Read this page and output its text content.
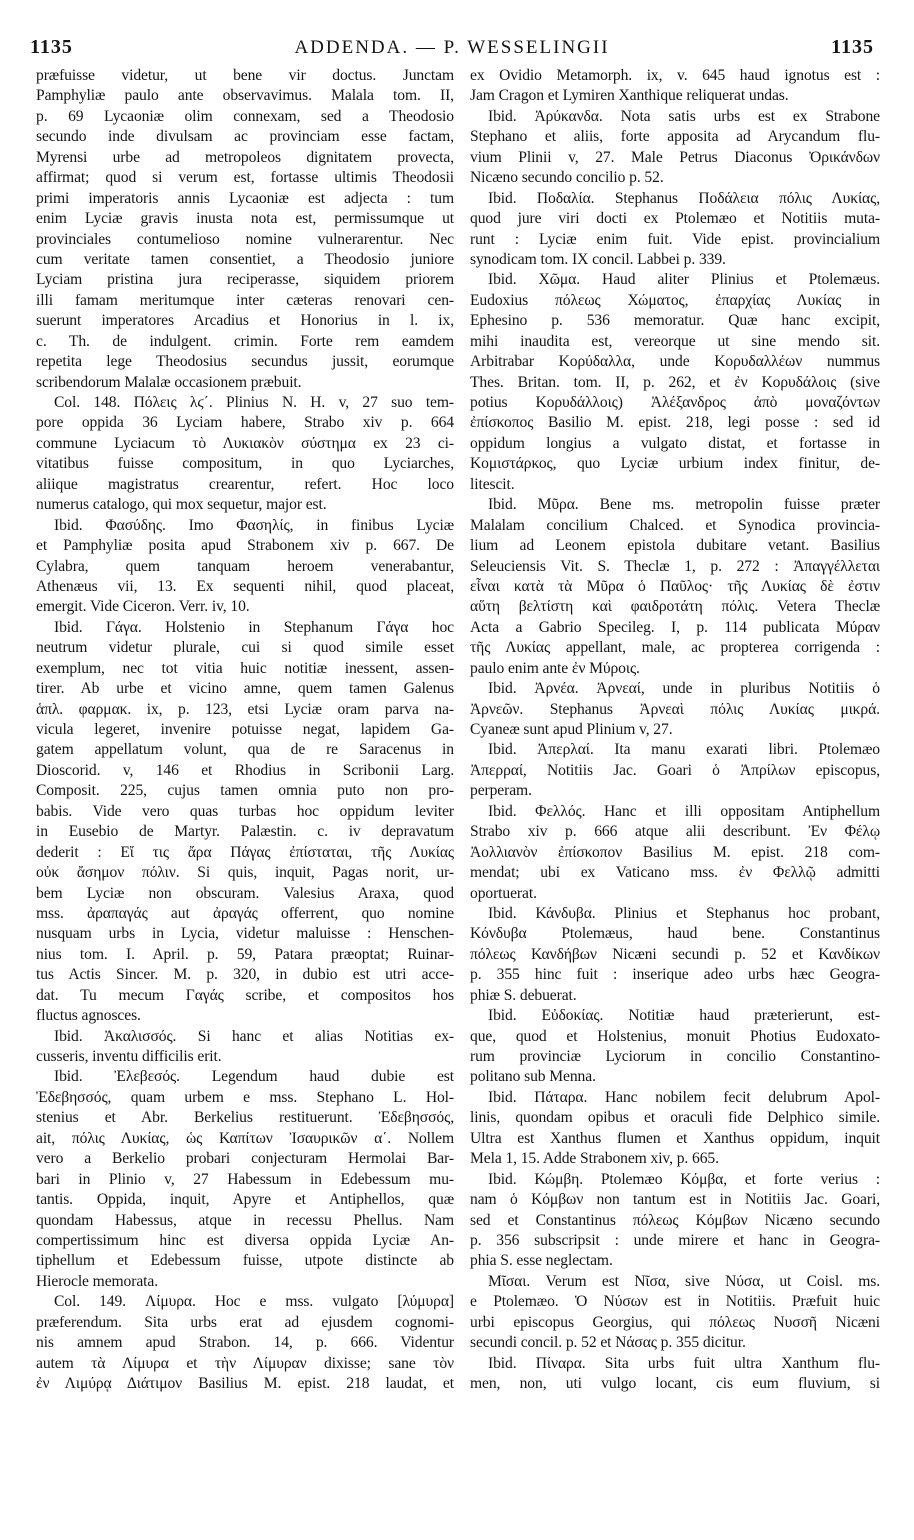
1135	ADDENDA. — P. WESSELINGII	1135

præfuisse videtur, ut bene vir doctus. Junctam

Pamphyliæ paulo ante observavimus. Malala tom. II,

p. 69 Lycaoniæ olim connexam, sed a Theodosio

secundo inde divulsam ac provinciam esse factam,

Myrensi urbe ad metropoleos dignitatem provecta,

affirmat; quod si verum est, fortasse ultimis Theodosii

primi imperatoris annis Lycaoniæ est adjecta : tum

enim Lyciæ gravis inusta nota est, permissumque ut

provinciales contumelioso nomine vulnerarentur. Nec

cum veritate tamen consentiet, a Theodosio juniore

Lyciam pristina jura reciperasse, siquidem priorem

illi famam meritumque inter cæteras renovari cen-

suerunt imperatores Arcadius et Honorius in l. ix,

c. Th. de indulgent. crimin. Forte rem eamdem

repetita lege Theodosius secundus jussit, eorumque

scribendorum Malalæ occasionem præbuit.

Col. 148. Πόλεις λϛ΄. Plinius N. H. v, 27 suo tem-

pore oppida 36 Lyciam habere, Strabo xiv p. 664

commune Lyciacum τὸ Λυκιακὸν σύστημα ex 23 ci-

vitatibus fuisse compositum, in quo Lyciarches,

aliique magistratus crearentur, refert. Hoc loco

numerus catalogo, qui mox sequetur, major est.

Ibid. Φασύδης. Imo Φασηλίς, in finibus Lyciæ

et Pamphyliæ posita apud Strabonem xiv p. 667. De

Cylabra, quem tanquam heroem venerabantur,

Athenæus vii, 13. Ex sequenti nihil, quod placeat,

emergit. Vide Ciceron. Verr. iv, 10.

Ibid. Γάγα. Holstenio in Stephanum Γάγα hoc

neutrum videtur plurale, cui si quod simile esset

exemplum, nec tot vitia huic notitiæ inessent, assen-

tirer. Ab urbe et vicino amne, quem tamen Galenus

ἁπλ. φαρμακ. ix, p. 123, etsi Lyciæ oram parva na-

vicula legeret, invenire potuisse negat, lapidem Ga-

gatem appellatum volunt, qua de re Saracenus in

Dioscorid. v, 146 et Rhodius in Scribonii Larg.

Composit. 225, cujus tamen omnia puto non pro-

babis. Vide vero quas turbas hoc oppidum leviter

in Eusebio de Martyr. Palæstin. c. iv depravatum

dederit : Εἴ τις ἄρα Πάγας ἐπίσταται, τῆς Λυκίας

οὐκ ἄσημον πόλιν. Si quis, inquit, Pagas norit, ur-

bem Lyciæ non obscuram. Valesius Araxa, quod

mss. ἀραπαγάς aut ἀραγάς offerrent, quo nomine

nusquam urbs in Lycia, videtur maluisse : Henschen-

nius tom. I. April. p. 59, Patara præoptat; Ruinar-

tus Actis Sincer. M. p. 320, in dubio est utri acce-

dat. Tu mecum Γαγάς scribe, et compositos hos

fluctus agnosces.

Ibid. Ἀκαλισσός. Si hanc et alias Notitias ex-

cusseris, inventu difficilis erit.

Ibid. Ἐλεβεσός. Legendum haud dubie est

Ἐδεβησσός, quam urbem e mss. Stephano L. Hol-

stenius et Abr. Berkelius restituerunt. Ἐδεβησσός,

ait, πόλις Λυκίας, ὡς Καπίτων Ἰσαυρικῶν α΄. Nollem

vero a Berkelio probari conjecturam Hermolai Bar-

bari in Plinio v, 27 Habessum in Edebessum mu-

tantis. Oppida, inquit, Apyre et Antiphellos, quæ

quondam Habessus, atque in recessu Phellus. Nam

compertissimum hinc est diversa oppida Lyciæ An-

tiphellum et Edebessum fuisse, utpote distincte ab

Hierocle memorata.

Col. 149. Λίμυρα. Hoc e mss. vulgato [λύμυρα]

præferendum. Sita urbs erat ad ejusdem cognomi-

nis amnem apud Strabon. 14, p. 666. Videntur

autem τὰ Λίμυρα et τὴν Λίμυραν dixisse; sane τὸν

ἐν Λιμύρᾳ Διάτιμον Basilius M. epist. 218 laudat, et

ex Ovidio Metamorph. ix, v. 645 haud ignotus est :

Jam Cragon et Lymiren Xanthique reliquerat undas.

Ibid. Ἀρύκανδα. Nota satis urbs est ex Strabone

Stephano et aliis, forte apposita ad Arycandum flu-

vium Plinii v, 27. Male Petrus Diaconus Ὀρικάνδων

Nicæno secundo concilio p. 52.

Ibid. Ποδαλία. Stephanus Ποδάλεια πόλις Λυκίας,

quod jure viri docti ex Ptolemæo et Notitiis muta-

runt : Lyciæ enim fuit. Vide epist. provincialium

synodicam tom. IX concil. Labbei p. 339.

Ibid. Χῶμα. Haud aliter Plinius et Ptolemæus.

Eudoxius πόλεως Χώματος, ἐπαρχίας Λυκίας in

Ephesino p. 536 memoratur. Quæ hanc excipit,

mihi inaudita est, vereorque ut sine mendo sit.

Arbitrabar Κορύδαλλα, unde Κορυδαλλέων nummus

Thes. Britan. tom. II, p. 262, et ἐν Κορυδάλοις (sive

potius Κορυδάλλοις) Ἀλέξανδρος ἀπὸ μοναζόντων

ἐπίσκοπος Basilio M. epist. 218, legi posse : sed id

oppidum longius a vulgato distat, et fortasse in

Κομιστάρκος, quo Lyciæ urbium index finitur, de-

litescit.

Ibid. Μῦρα. Bene ms. metropolin fuisse præter

Malalam concilium Chalced. et Synodica provincia-

lium ad Leonem epistola dubitare vetant. Basilius

Seleuciensis Vit. S. Theclæ 1, p. 272 : Ἀπαγγέλλεται

εἶναι κατὰ τὰ Μῦρα ὁ Παῦλος· τῆς Λυκίας δὲ ἐστιν

αὕτη βελτίστη καὶ φαιδροτάτη πόλις. Vetera Theclæ

Acta a Gabrio Specileg. I, p. 114 publicata Μύραν

τῆς Λυκίας appellant, male, ac propterea corrigenda :

paulo enim ante ἐν Μύροις.

Ibid. Ἀρνέα. Ἀρνεαί, unde in pluribus Notitiis ὁ

Ἀρνεῶν. Stephanus Ἀρνεαὶ πόλις Λυκίας μικρά.

Cyaneæ sunt apud Plinium v, 27.

Ibid. Ἀπερλαί. Ita manu exarati libri. Ptolemæo

Ἀπερραί, Notitiis Jac. Goari ὁ Ἀπρίλων episcopus,

perperam.

Ibid. Φελλός. Hanc et illi oppositam Antiphellum

Strabo xiv p. 666 atque alii describunt. Ἐν Φέλῳ

Ἀολλιανὸν ἐπίσκοπον Basilius M. epist. 218 com-

mendat; ubi ex Vaticano mss. ἐν Φελλῷ admitti

oportuerat.

Ibid. Κάνδυβα. Plinius et Stephanus hoc probant,

Κόνδυβα Ptolemæus, haud bene. Constantinus

πόλεως Κανδήβων Nicæni secundi p. 52 et Κανδίκων

p. 355 hinc fuit : inserique adeo urbs hæc Geogra-

phiæ S. debuerat.

Ibid. Εὐδοκίας. Notitiæ haud præterierunt, est-

que, quod et Holstenius, monuit Photius Eudoxato-

rum provinciæ Lyciorum in concilio Constantino-

politano sub Menna.

Ibid. Πάταρα. Hanc nobilem fecit delubrum Apol-

linis, quondam opibus et oraculi fide Delphico simile.

Ultra est Xanthus flumen et Xanthus oppidum, inquit

Mela 1, 15. Adde Strabonem xiv, p. 665.

Ibid. Κώμβη. Ptolemæo Κόμβα, et forte verius :

nam ὁ Κόμβων non tantum est in Notitiis Jac. Goari,

sed et Constantinus πόλεως Κόμβων Nicæno secundo

p. 356 subscripsit : unde mirere et hanc in Geogra-

phia S. esse neglectam.

Μῖσαι. Verum est Νῖσα, sive Νύσα, ut Coisl. ms.

e Ptolemæo. Ὁ Νύσων est in Notitiis. Præfuit huic

urbi episcopus Georgius, qui πόλεως Νυσσῆ Nicæni

secundi concil. p. 52 et Νάσας p. 355 dicitur.

Ibid. Πίναρα. Sita urbs fuit ultra Xanthum flu-

men, non, uti vulgo locant, cis eum fluvium, si
